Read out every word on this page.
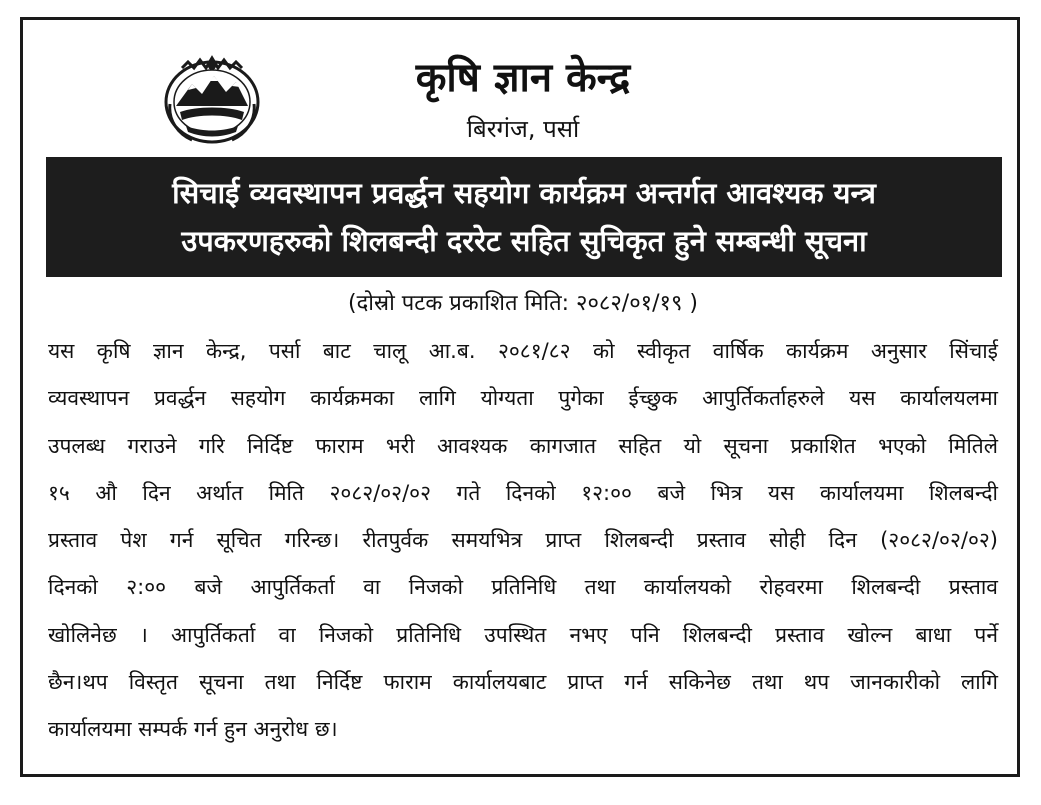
कृषि ज्ञान केन्द्र
बिरगंज, पर्सा
सिचाई व्यवस्थापन प्रवर्द्धन सहयोग कार्यक्रम अन्तर्गत आवश्यक यन्त्र
उपकरणहरुको शिलबन्दी दररेट सहित सुचिकृत हुने सम्बन्धी सूचना
(दोस्रो पटक प्रकाशित मिति: २०८२/०१/१९ )
यस कृषि ज्ञान केन्द्र, पर्सा बाट चालू आ.ब. २०८१/८२ को स्वीकृत वार्षिक कार्यक्रम अनुसार सिंचाई
व्यवस्थापन प्रवर्द्धन सहयोग कार्यक्रमका लागि योग्यता पुगेका ईच्छुक आपुर्तिकर्ताहरुले यस कार्यालयलमा
उपलब्ध गराउने गरि निर्दिष्ट फाराम भरी आवश्यक कागजात सहित यो सूचना प्रकाशित भएको मितिले
१५ औ दिन अर्थात मिति २०८२/०२/०२ गते दिनको १२:०० बजे भित्र यस कार्यालयमा शिलबन्दी
प्रस्ताव पेश गर्न सूचित गरिन्छ। रीतपुर्वक समयभित्र प्राप्त शिलबन्दी प्रस्ताव सोही दिन (२०८२/०२/०२)
दिनको २:०० बजे आपुर्तिकर्ता वा निजको प्रतिनिधि तथा कार्यालयको रोहवरमा शिलबन्दी प्रस्ताव
खोलिनेछ । आपुर्तिकर्ता वा निजको प्रतिनिधि उपस्थित नभए पनि शिलबन्दी प्रस्ताव खोल्न बाधा पर्ने
छैन।थप विस्तृत सूचना तथा निर्दिष्ट फाराम कार्यालयबाट प्राप्त गर्न सकिनेछ तथा थप जानकारीको लागि
कार्यालयमा सम्पर्क गर्न हुन अनुरोध छ।
